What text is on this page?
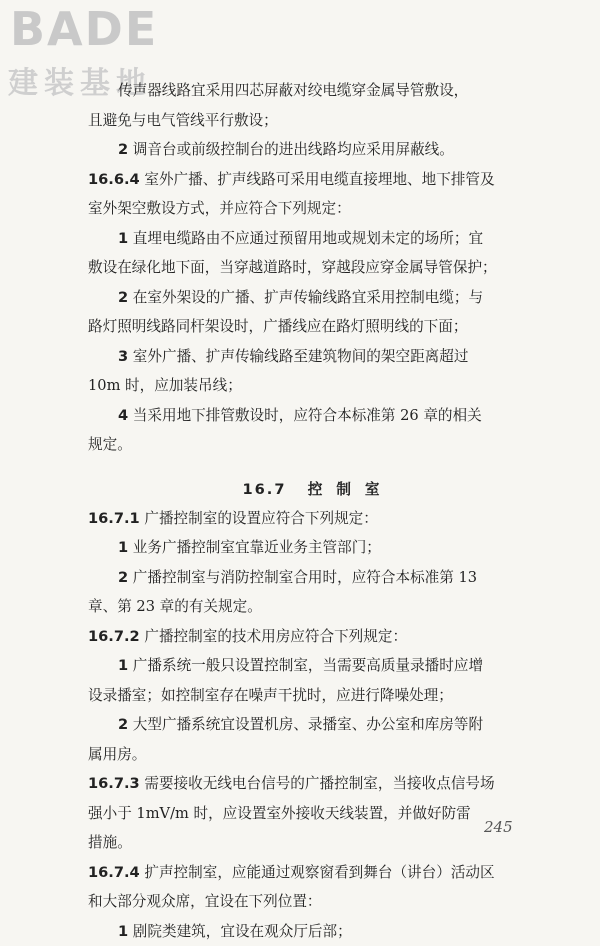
BADE
建装基地
传声器线路宜采用四芯屏蔽对绞电缆穿金属导管敷设，
且避免与电气管线平行敷设；
2 调音台或前级控制台的进出线路均应采用屏蔽线。
16.6.4 室外广播、扩声线路可采用电缆直接埋地、地下排管及
室外架空敷设方式，并应符合下列规定：
1 直埋电缆路由不应通过预留用地或规划未定的场所；宜
敷设在绿化地下面，当穿越道路时，穿越段应穿金属导管保护；
2 在室外架设的广播、扩声传输线路宜采用控制电缆；与
路灯照明线路同杆架设时，广播线应在路灯照明线的下面；
3 室外广播、扩声传输线路至建筑物间的架空距离超过
10m 时，应加装吊线；
4 当采用地下排管敷设时，应符合本标准第 26 章的相关
规定。
16.7 控制室
16.7.1 广播控制室的设置应符合下列规定：
1 业务广播控制室宜靠近业务主管部门；
2 广播控制室与消防控制室合用时，应符合本标准第 13
章、第 23 章的有关规定。
16.7.2 广播控制室的技术用房应符合下列规定：
1 广播系统一般只设置控制室，当需要高质量录播时应增
设录播室；如控制室存在噪声干扰时，应进行降噪处理；
2 大型广播系统宜设置机房、录播室、办公室和库房等附
属用房。
16.7.3 需要接收无线电台信号的广播控制室，当接收点信号场
强小于 1mV/m 时，应设置室外接收天线装置，并做好防雷
措施。
16.7.4 扩声控制室，应能通过观察窗看到舞台（讲台）活动区
和大部分观众席，宜设在下列位置：
1 剧院类建筑，宜设在观众厅后部；
245
